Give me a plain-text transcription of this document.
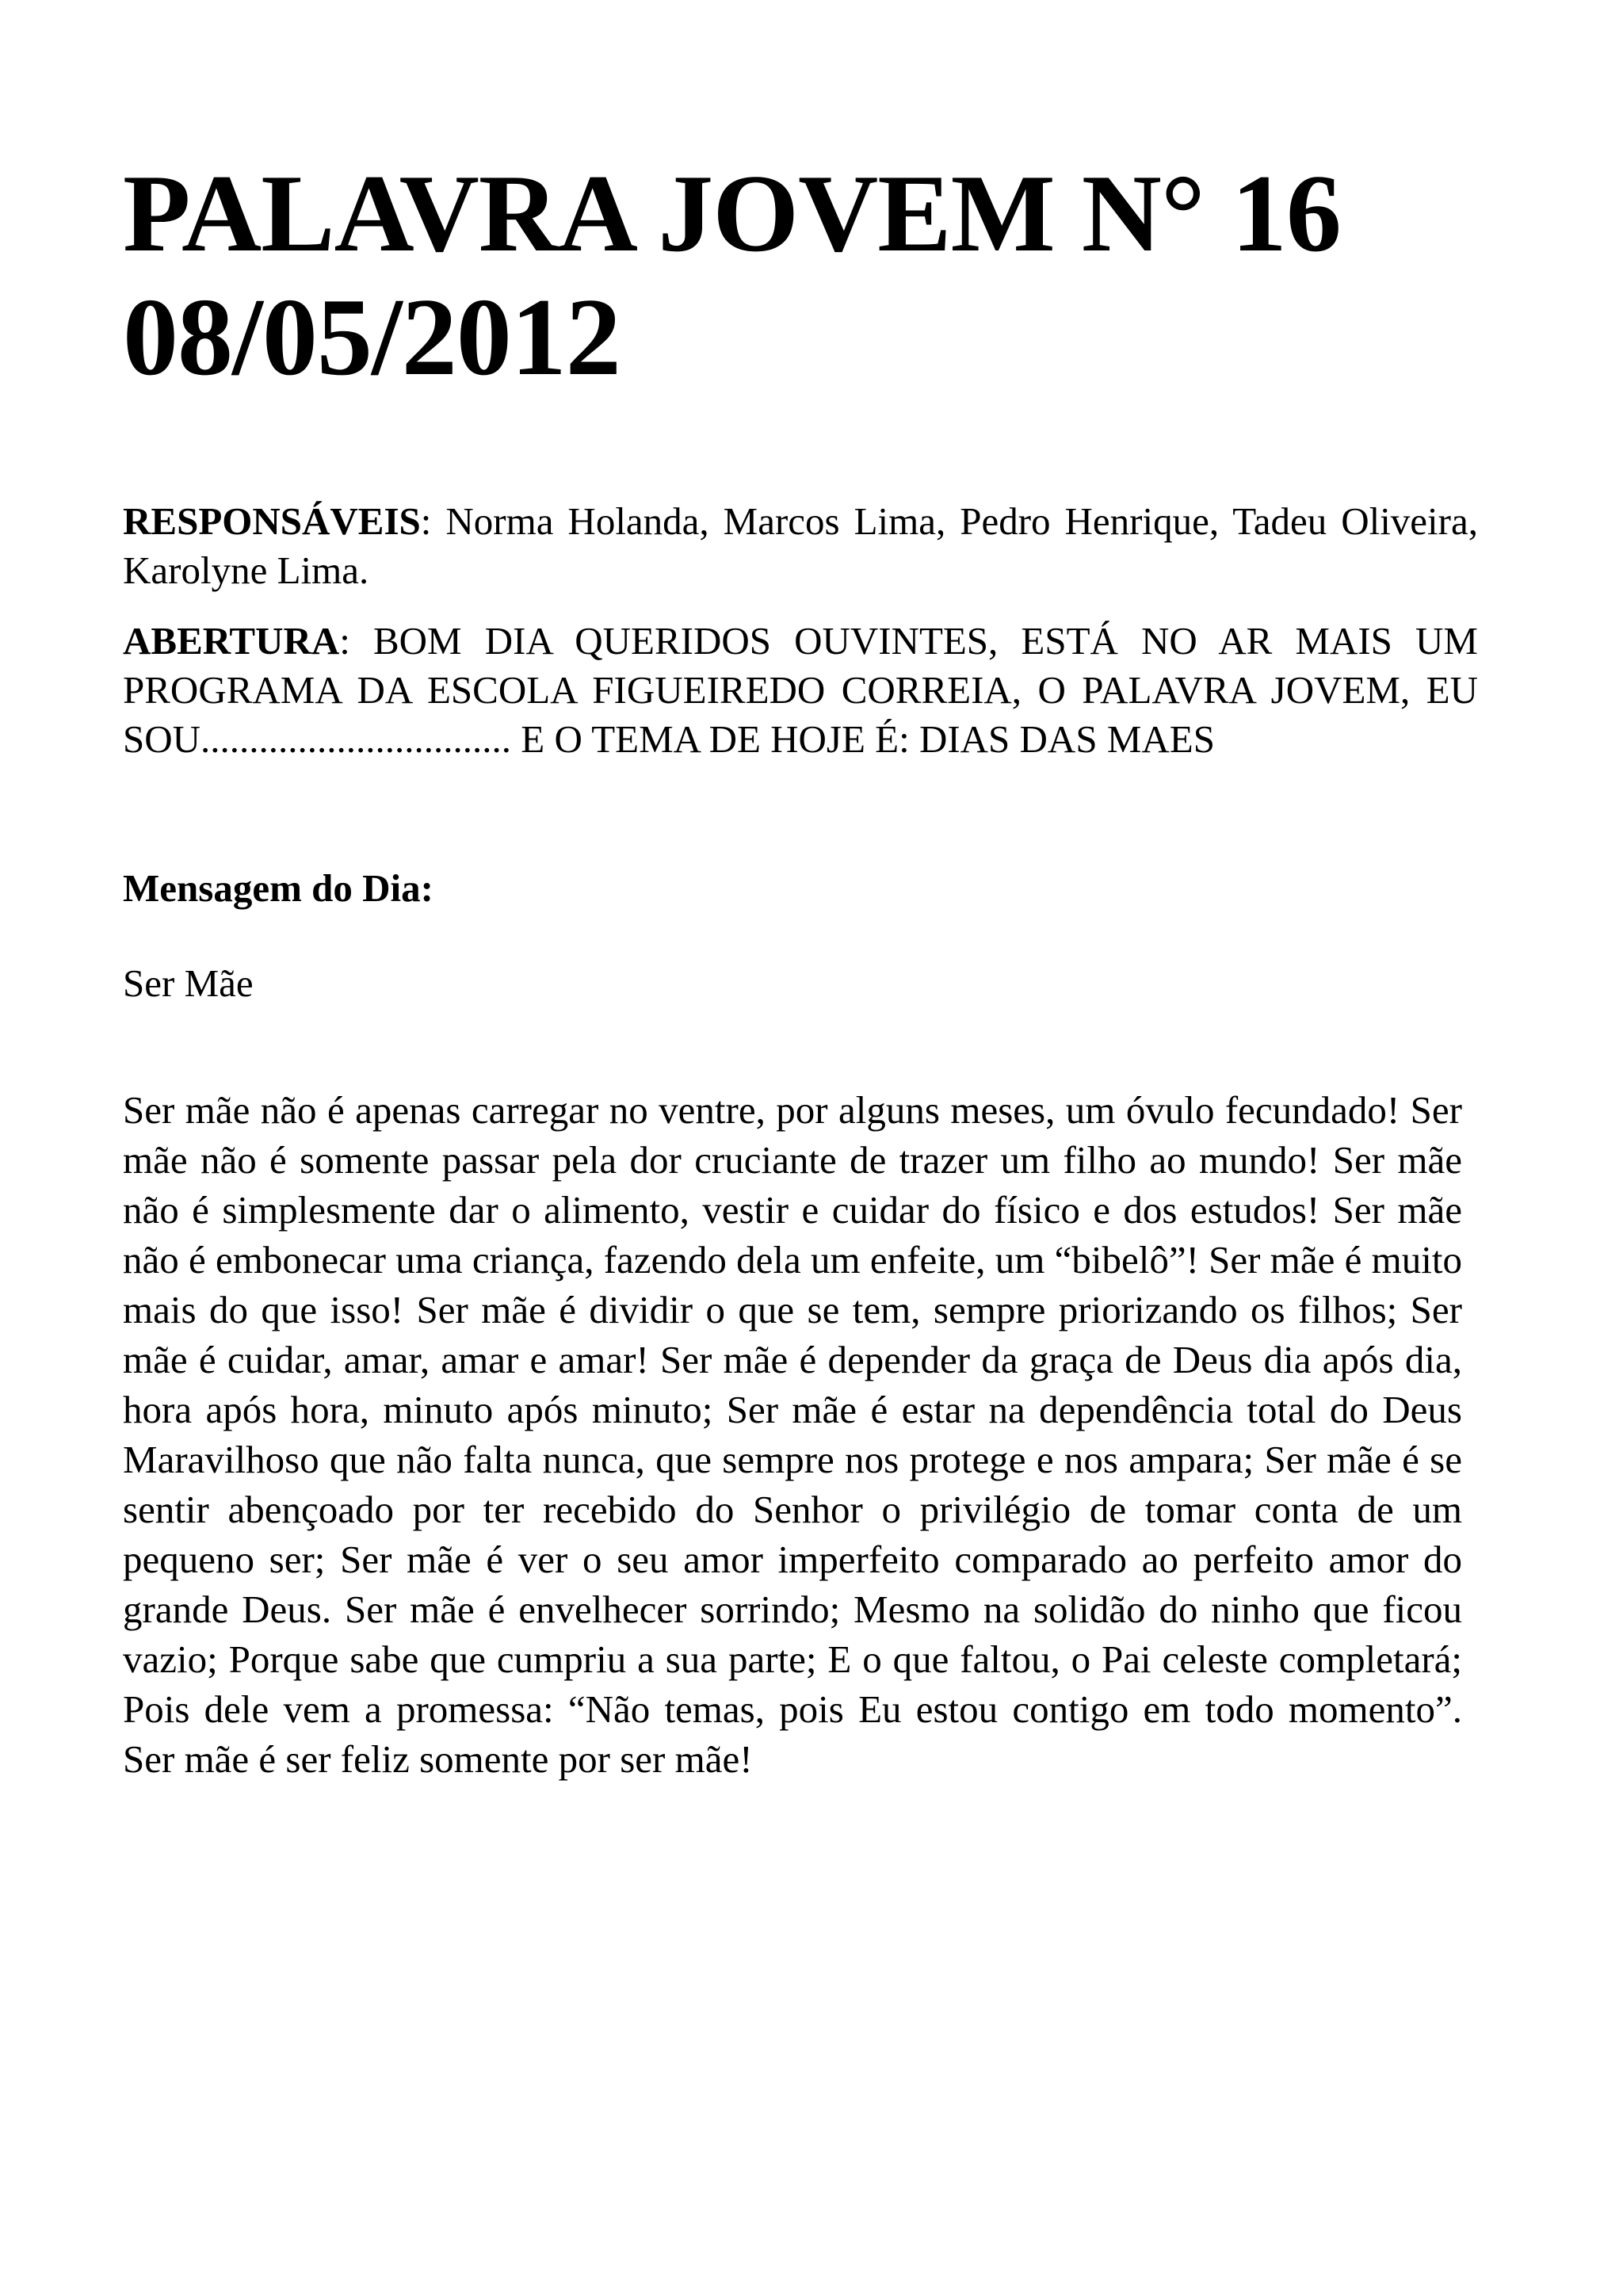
PALAVRA JOVEM N° 16
08/05/2012

RESPONSÁVEIS: Norma Holanda, Marcos Lima, Pedro Henrique, Tadeu Oliveira, Karolyne Lima.

ABERTURA: BOM DIA QUERIDOS OUVINTES, ESTÁ NO AR MAIS UM PROGRAMA DA ESCOLA FIGUEIREDO CORREIA, O PALAVRA JOVEM, EU SOU................................ E O TEMA DE HOJE É: DIAS DAS MAES

Mensagem do Dia:

Ser Mãe

Ser mãe não é apenas carregar no ventre, por alguns meses, um óvulo fecundado! Ser mãe não é somente passar pela dor cruciante de trazer um filho ao mundo! Ser mãe não é simplesmente dar o alimento, vestir e cuidar do físico e dos estudos! Ser mãe não é embonecar uma criança, fazendo dela um enfeite, um “bibelô”! Ser mãe é muito mais do que isso! Ser mãe é dividir o que se tem, sempre priorizando os filhos; Ser mãe é cuidar, amar, amar e amar! Ser mãe é depender da graça de Deus dia após dia, hora após hora, minuto após minuto; Ser mãe é estar na dependência total do Deus Maravilhoso que não falta nunca, que sempre nos protege e nos ampara; Ser mãe é se sentir abençoado por ter recebido do Senhor o privilégio de tomar conta de um pequeno ser; Ser mãe é ver o seu amor imperfeito comparado ao perfeito amor do grande Deus. Ser mãe é envelhecer sorrindo; Mesmo na solidão do ninho que ficou vazio; Porque sabe que cumpriu a sua parte; E o que faltou, o Pai celeste completará; Pois dele vem a promessa: “Não temas, pois Eu estou contigo em todo momento”. Ser mãe é ser feliz somente por ser mãe!
